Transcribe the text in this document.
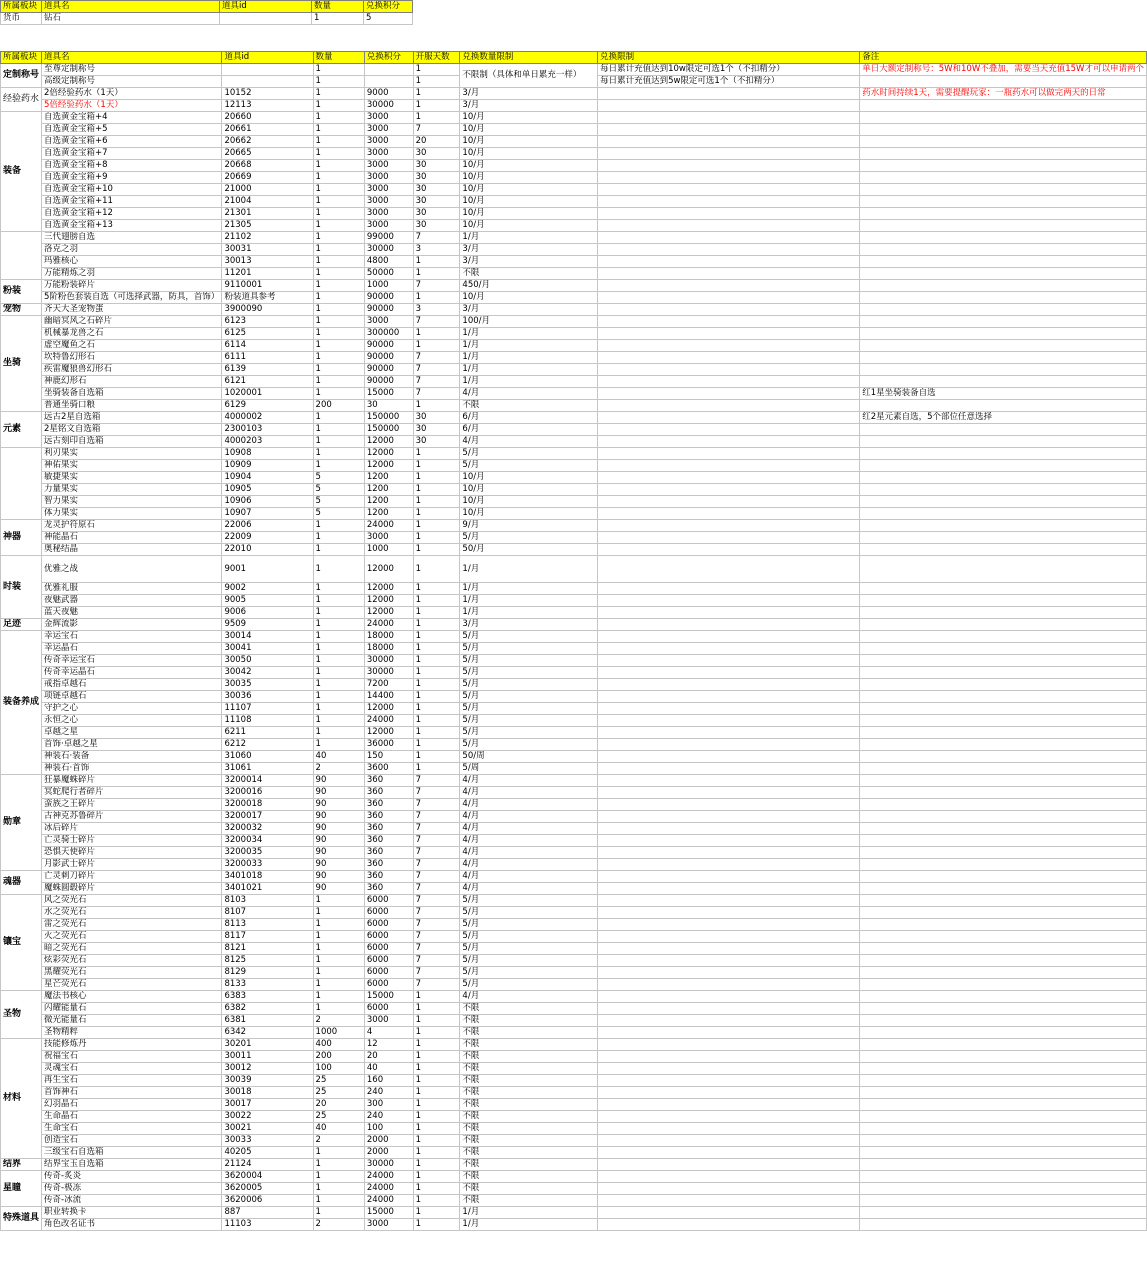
所属板块	道具名	道具id	数量	兑换积分
货币	钻石		1	5
所属板块	道具名	道具id	数量	兑换积分	开服天数	兑换数量限制	兑换限制	备注
定制称号	至尊定制称号		1		1	不限制（具体和单日累充一样）	每日累计充值达到10w限定可选1个（不扣精分）	单日大额定制称号：5W和10W不叠加，需要当天充值15W才可以申请两个
	高级定制称号		1		1		每日累计充值达到5w限定可选1个（不扣精分）	
经验药水	2倍经验药水（1天）	10152	1	9000	1	3/月		药水时间持续1天，需要提醒玩家：一瓶药水可以做完两天的日常
	5倍经验药水（1天）	12113	1	30000	1	3/月		
装备	自选黄金宝箱+4	20660	1	3000	1	10/月		
	自选黄金宝箱+5	20661	1	3000	7	10/月		
	自选黄金宝箱+6	20662	1	3000	20	10/月		
	自选黄金宝箱+7	20665	1	3000	30	10/月		
	自选黄金宝箱+8	20668	1	3000	30	10/月		
	自选黄金宝箱+9	20669	1	3000	30	10/月		
	自选黄金宝箱+10	21000	1	3000	30	10/月		
	自选黄金宝箱+11	21004	1	3000	30	10/月		
	自选黄金宝箱+12	21301	1	3000	30	10/月		
	自选黄金宝箱+13	21305	1	3000	30	10/月		
	三代翅膀自选	21102	1	99000	7	1/月		
	洛克之羽	30031	1	30000	3	3/月		
	玛雅核心	30013	1	4800	1	3/月		
	万能精炼之羽	11201	1	50000	1	不限		
粉装	万能粉装碎片	9110001	1	1000	7	450/月		
	5阶粉色套装自选（可选择武器，防具，首饰）	粉装道具参考	1	90000	1	10/月		
宠物	齐天大圣宠物蛋	3900090	1	90000	3	3/月		
坐骑	幽暗冥风之石碎片	6123	1	3000	7	100/月		
	机械暴龙兽之石	6125	1	300000	1	1/月		
	虚空魔鱼之石	6114	1	90000	1	1/月		
	坎特鲁幻形石	6111	1	90000	7	1/月		
	疾雷魔狼兽幻形石	6139	1	90000	7	1/月		
	神鹿幻形石	6121	1	90000	7	1/月		
	坐骑装备自选箱	1020001	1	15000	7	4/月		红1星坐骑装备自选
	普通坐骑口粮	6129	200	30	1	不限		
元素	远古2星自选箱	4000002	1	150000	30	6/月		红2星元素自选，5个部位任意选择
	2星铭文自选箱	2300103	1	150000	30	6/月		
	远古刻印自选箱	4000203	1	12000	30	4/月		
	利刃果实	10908	1	12000	1	5/月		
	神佑果实	10909	1	12000	1	5/月		
	敏捷果实	10904	5	1200	1	10/月		
	力量果实	10905	5	1200	1	10/月		
	智力果实	10906	5	1200	1	10/月		
	体力果实	10907	5	1200	1	10/月		
神器	龙灵护符原石	22006	1	24000	1	9/月		
	神能晶石	22009	1	3000	1	5/月		
	奥秘结晶	22010	1	1000	1	50/月		
时装	优雅之战	9001	1	12000	1	1/月		
	优雅礼服	9002	1	12000	1	1/月		
	夜魅武器	9005	1	12000	1	1/月		
	蓝天夜魅	9006	1	12000	1	1/月		
足迹	金辉流影	9509	1	24000	1	3/月		
装备养成	幸运宝石	30014	1	18000	1	5/月		
	幸运晶石	30041	1	18000	1	5/月		
	传奇幸运宝石	30050	1	30000	1	5/月		
	传奇幸运晶石	30042	1	30000	1	5/月		
	戒指卓越石	30035	1	7200	1	5/月		
	项链卓越石	30036	1	14400	1	5/月		
	守护之心	11107	1	12000	1	5/月		
	永恒之心	11108	1	24000	1	5/月		
	卓越之星	6211	1	12000	1	5/月		
	首饰·卓越之星	6212	1	36000	1	5/月		
	神装石·装备	31060	40	150	1	50/周		
	神装石·首饰	31061	2	3600	1	5/周		
勋章	狂暴魔蛛碎片	3200014	90	360	7	4/月		
	冥蛇爬行者碎片	3200016	90	360	7	4/月		
	蛮族之王碎片	3200018	90	360	7	4/月		
	古神克苏鲁碎片	3200017	90	360	7	4/月		
	冰后碎片	3200032	90	360	7	4/月		
	亡灵骑士碎片	3200034	90	360	7	4/月		
	恐惧天使碎片	3200035	90	360	7	4/月		
	月影武士碎片	3200033	90	360	7	4/月		
魂器	亡灵刺刀碎片	3401018	90	360	7	4/月		
	魔蛛圆毂碎片	3401021	90	360	7	4/月		
镶宝	风之荧光石	8103	1	6000	7	5/月		
	水之荧光石	8107	1	6000	7	5/月		
	雷之荧光石	8113	1	6000	7	5/月		
	火之荧光石	8117	1	6000	7	5/月		
	暗之荧光石	8121	1	6000	7	5/月		
	炫彩荧光石	8125	1	6000	7	5/月		
	黑耀荧光石	8129	1	6000	7	5/月		
	星芒荧光石	8133	1	6000	7	5/月		
圣物	魔法书核心	6383	1	15000	1	4/月		
	闪耀能量石	6382	1	6000	1	不限		
	微光能量石	6381	2	3000	1	不限		
	圣物精粹	6342	1000	4	1	不限		
材料	技能修炼丹	30201	400	12	1	不限		
	祝福宝石	30011	200	20	1	不限		
	灵魂宝石	30012	100	40	1	不限		
	再生宝石	30039	25	160	1	不限		
	首饰神石	30018	25	240	1	不限		
	幻羽晶石	30017	20	300	1	不限		
	生命晶石	30022	25	240	1	不限		
	生命宝石	30021	40	100	1	不限		
	创造宝石	30033	2	2000	1	不限		
	三级宝石自选箱	40205	1	2000	1	不限		
结界	结界宝玉自选箱	21124	1	30000	1	不限		
星瞳	传奇-炙炎	3620004	1	24000	1	不限		
	传奇-极冻	3620005	1	24000	1	不限		
	传奇-冰流	3620006	1	24000	1	不限		
特殊道具	职业转换卡	887	1	15000	1	1/月		
	角色改名证书	11103	2	3000	1	1/月		
